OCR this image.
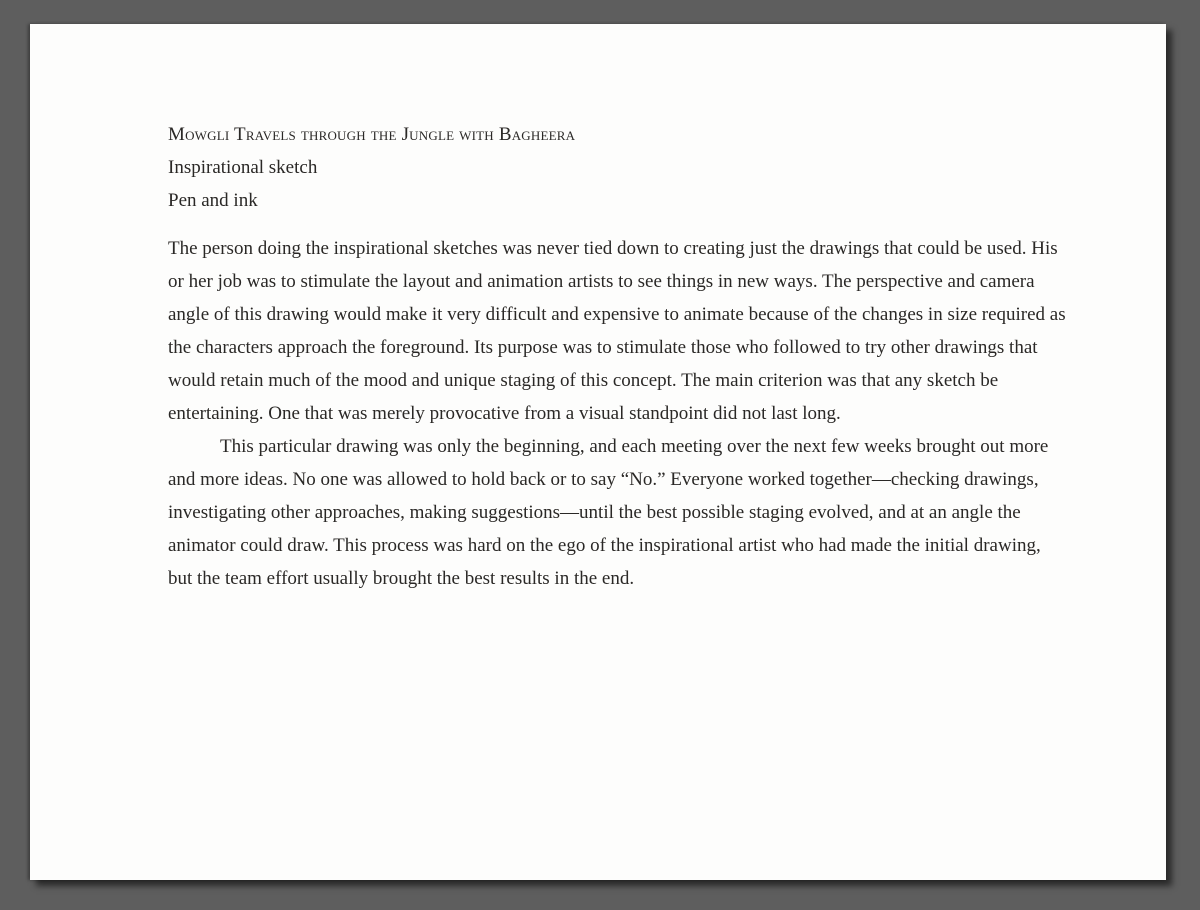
Mowgli Travels through the Jungle with Bagheera

Inspirational sketch

Pen and ink

The person doing the inspirational sketches was never tied down to creating just the drawings that could be used. His or her job was to stimulate the layout and animation artists to see things in new ways. The perspective and camera angle of this drawing would make it very difficult and expensive to animate because of the changes in size required as the characters approach the foreground. Its purpose was to stimulate those who followed to try other drawings that would retain much of the mood and unique staging of this concept. The main criterion was that any sketch be entertaining. One that was merely provocative from a visual standpoint did not last long.

This particular drawing was only the beginning, and each meeting over the next few weeks brought out more and more ideas. No one was allowed to hold back or to say “No.” Everyone worked together—checking drawings, investigating other approaches, making suggestions—until the best possible staging evolved, and at an angle the animator could draw. This process was hard on the ego of the inspirational artist who had made the initial drawing, but the team effort usually brought the best results in the end.
